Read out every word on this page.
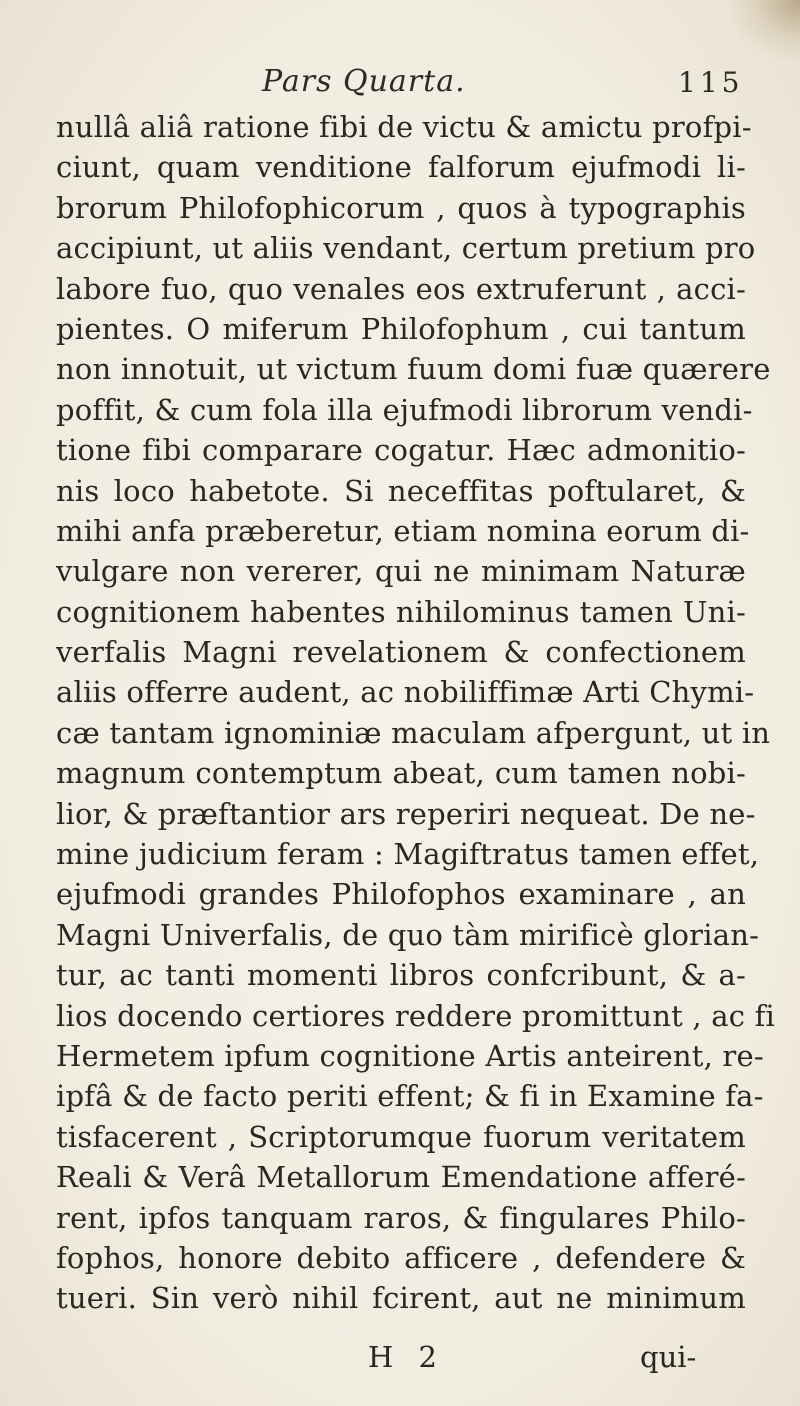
Pars Quarta.	115
nullâ aliâ ratione fibi de victu & amictu profpi-
ciunt, quam venditione falforum ejufmodi li-
brorum Philofophicorum , quos à typographis
accipiunt, ut aliis vendant, certum pretium pro
labore fuo, quo venales eos extruferunt , acci-
pientes. O miferum Philofophum , cui tantum
non innotuit, ut victum fuum domi fuæ quærere
poffit, & cum fola illa ejufmodi librorum vendi-
tione fibi comparare cogatur. Hæc admonitio-
nis loco habetote. Si neceffitas poftularet, &
mihi anfa præberetur, etiam nomina eorum di-
vulgare non vererer, qui ne minimam Naturæ
cognitionem habentes nihilominus tamen Uni-
verfalis Magni revelationem & confectionem
aliis offerre audent, ac nobiliffimæ Arti Chymi-
cæ tantam ignominiæ maculam afpergunt, ut in
magnum contemptum abeat, cum tamen nobi-
lior, & præftantior ars reperiri nequeat. De ne-
mine judicium feram : Magiftratus tamen effet,
ejufmodi grandes Philofophos examinare , an
Magni Univerfalis, de quo tàm mirificè glorian-
tur, ac tanti momenti libros confcribunt, & a-
lios docendo certiores reddere promittunt , ac fi
Hermetem ipfum cognitione Artis anteirent, re-
ipfâ & de facto periti effent; & fi in Examine fa-
tisfacerent , Scriptorumque fuorum veritatem
Reali & Verâ Metallorum Emendatione afferé-
rent, ipfos tanquam raros, & fingulares Philo-
fophos, honore debito afficere , defendere &
tueri. Sin verò nihil fcirent, aut ne minimum
H 2	qui-
